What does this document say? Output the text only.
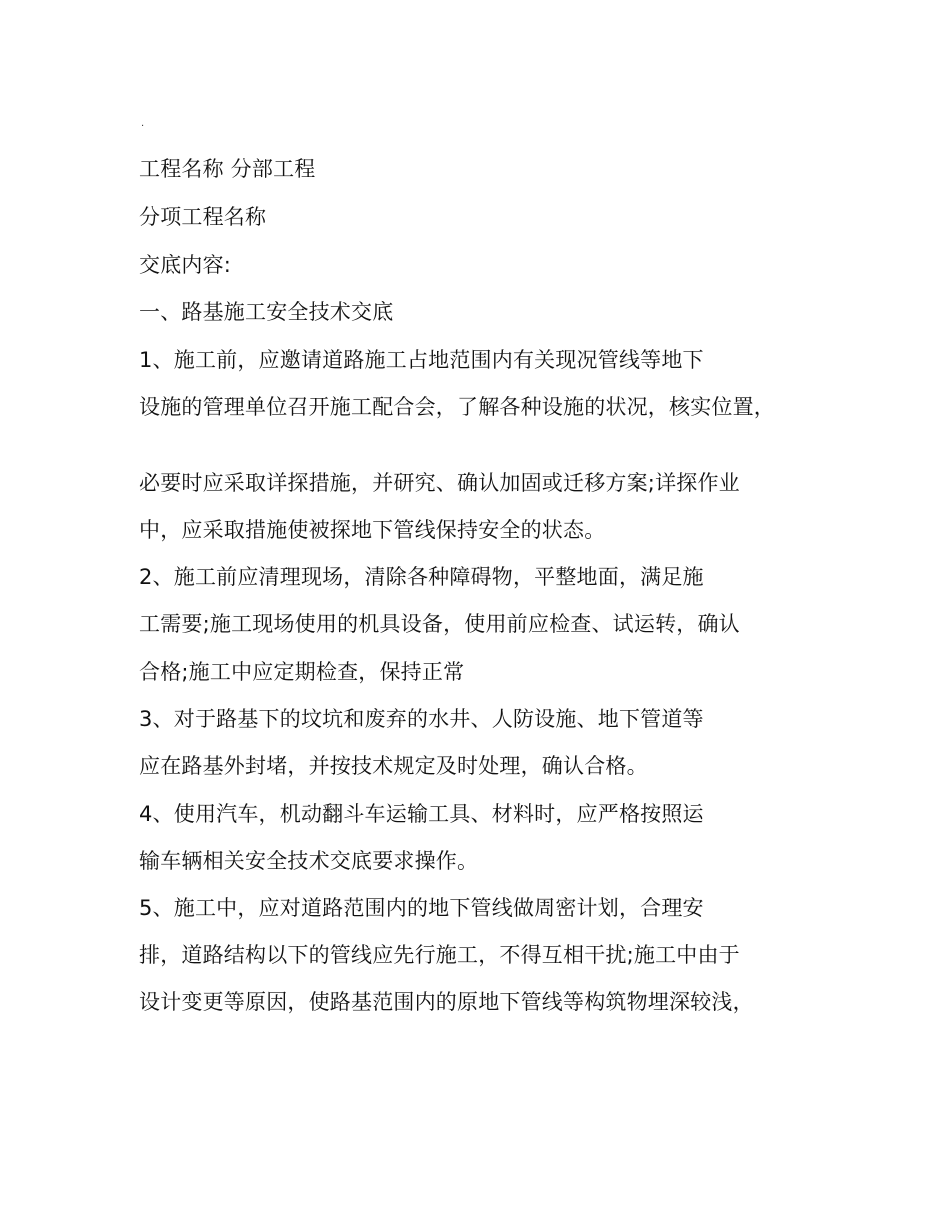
.
工程名称 分部工程
分项工程名称
交底内容:
一、路基施工安全技术交底
1、施工前，应邀请道路施工占地范围内有关现况管线等地下
设施的管理单位召开施工配合会，了解各种设施的状况，核实位置，
必要时应采取详探措施，并研究、确认加固或迁移方案;详探作业
中，应采取措施使被探地下管线保持安全的状态。
2、施工前应清理现场，清除各种障碍物，平整地面，满足施
工需要;施工现场使用的机具设备，使用前应检查、试运转，确认
合格;施工中应定期检查，保持正常
3、对于路基下的坟坑和废弃的水井、人防设施、地下管道等
应在路基外封堵，并按技术规定及时处理，确认合格。
4、使用汽车，机动翻斗车运输工具、材料时，应严格按照运
输车辆相关安全技术交底要求操作。
5、施工中，应对道路范围内的地下管线做周密计划，合理安
排，道路结构以下的管线应先行施工，不得互相干扰;施工中由于
设计变更等原因，使路基范围内的原地下管线等构筑物埋深较浅，
